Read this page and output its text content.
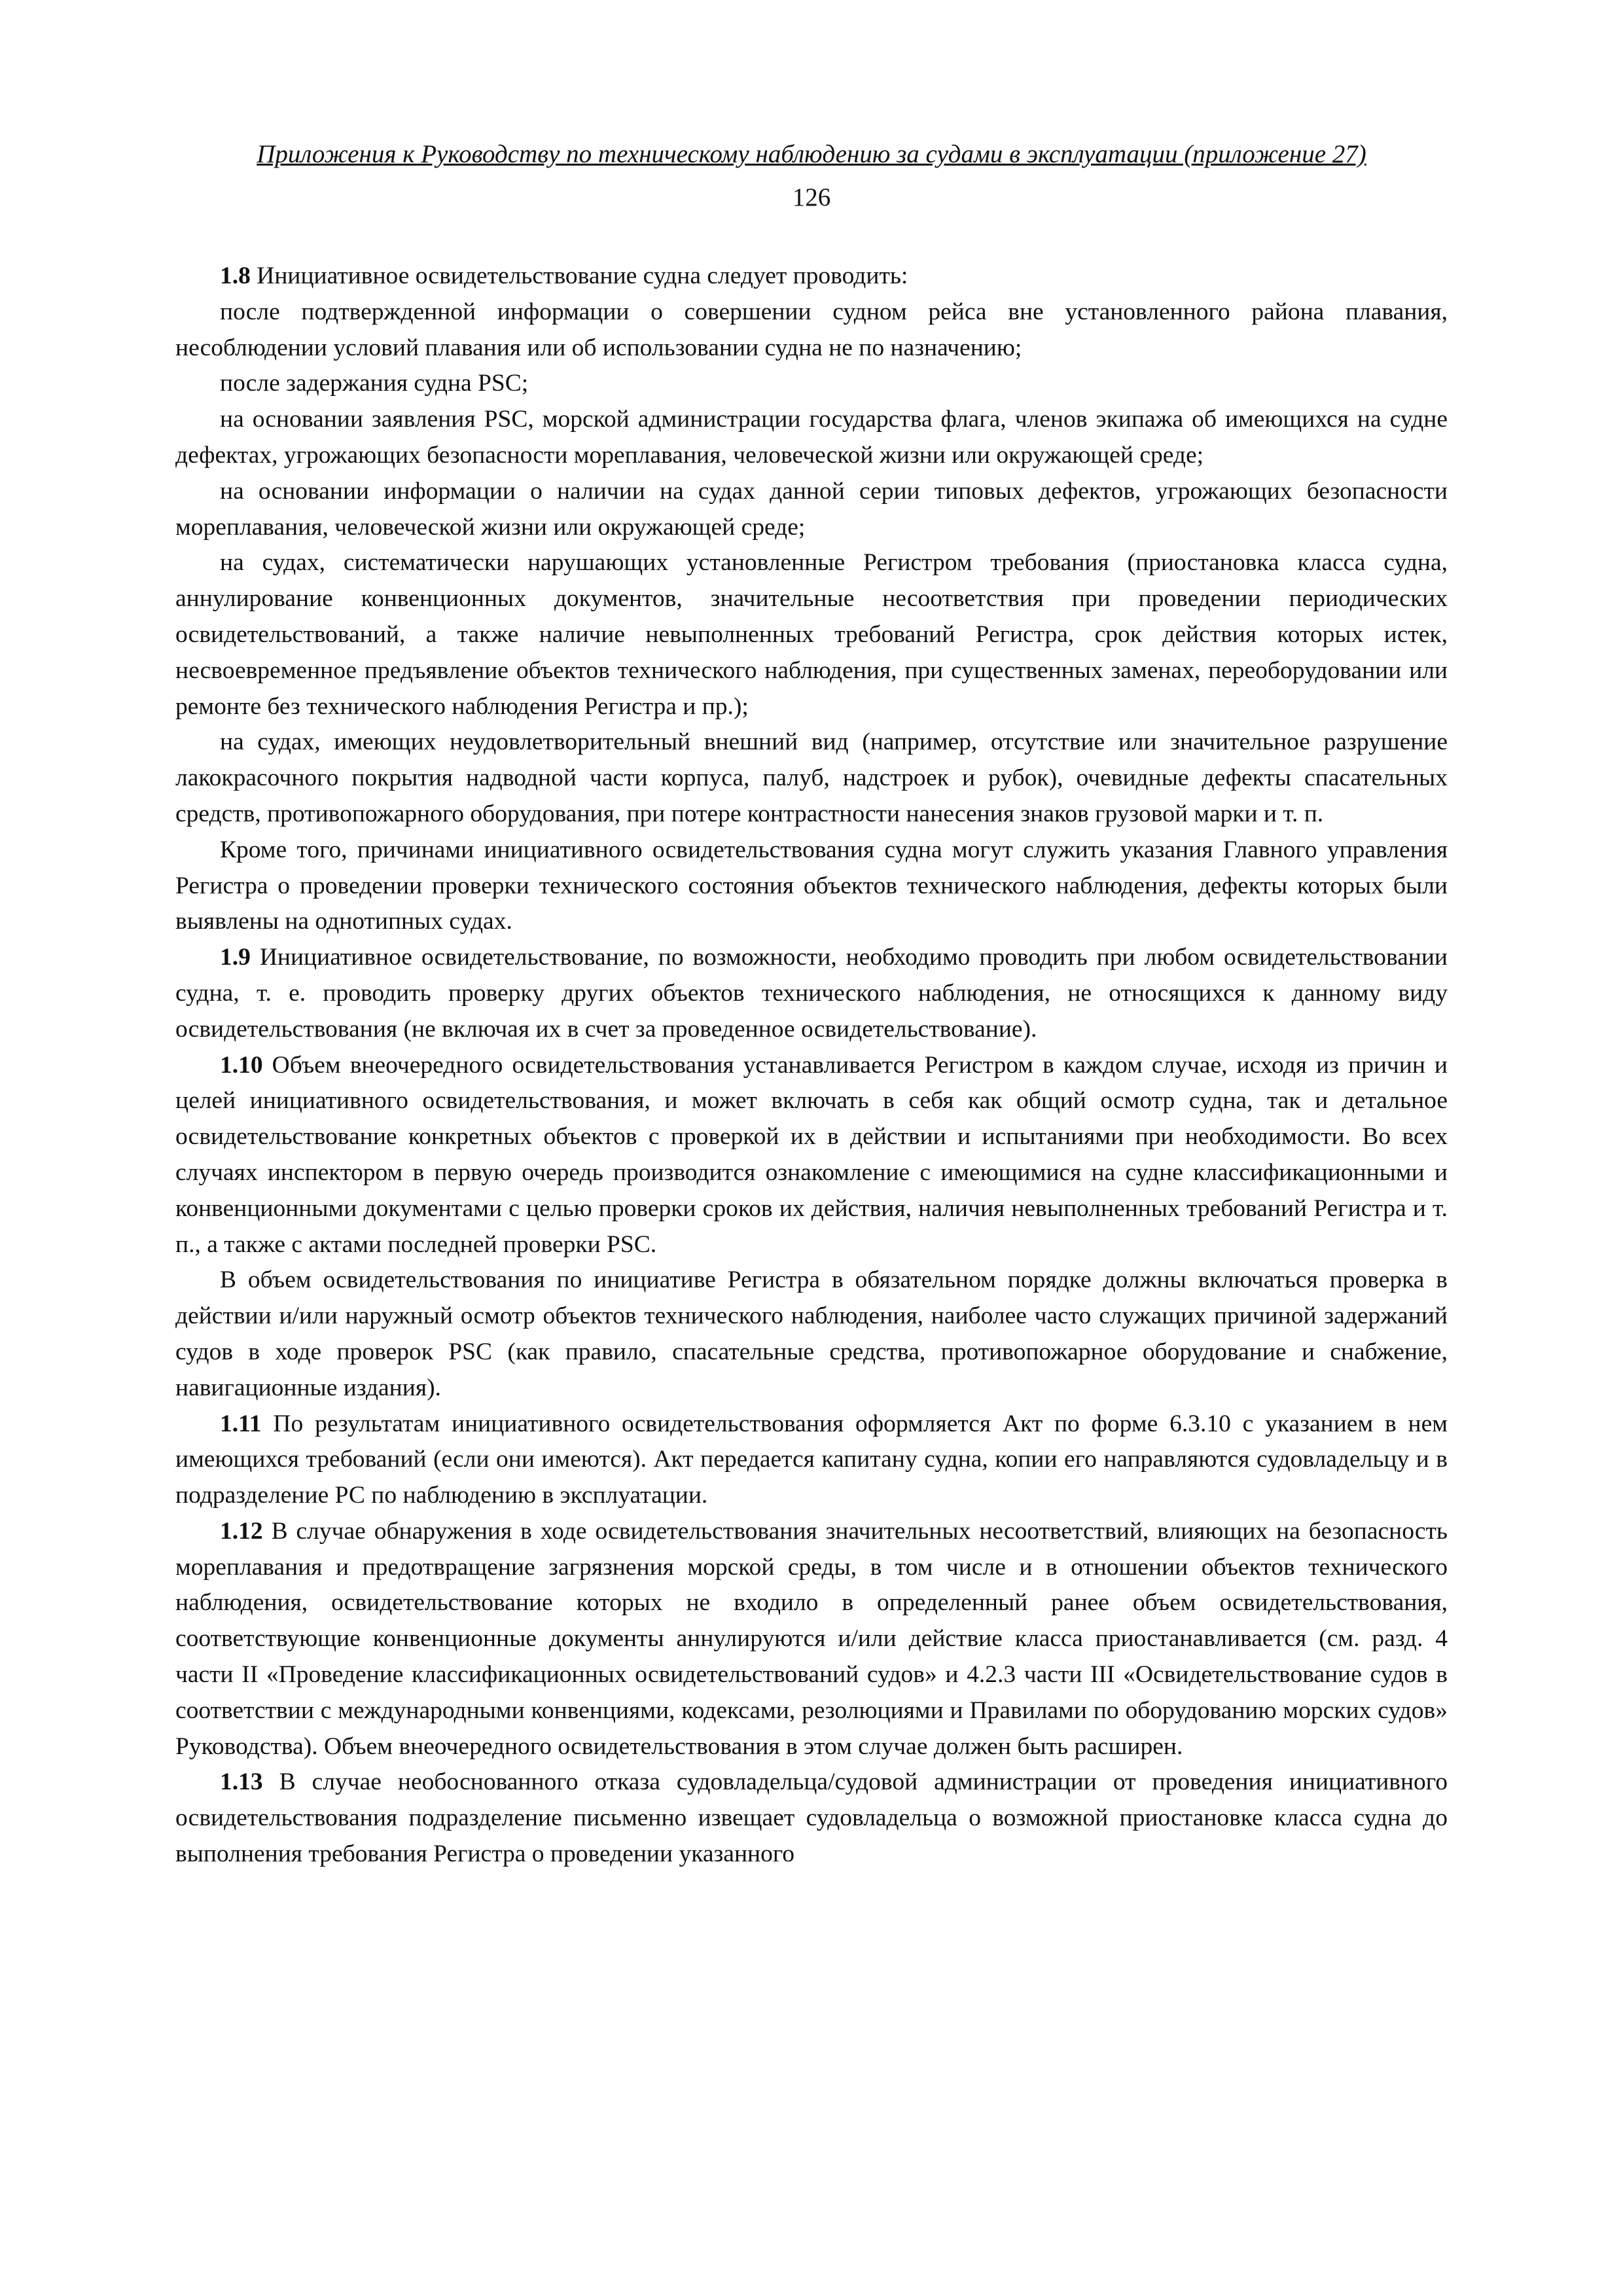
Приложения к Руководству по техническому наблюдению за судами в эксплуатации (приложение 27)
126

1.8 Инициативное освидетельствование судна следует проводить:

после подтвержденной информации о совершении судном рейса вне установленного района плавания, несоблюдении условий плавания или об использовании судна не по назначению;

после задержания судна PSC;

на основании заявления PSC, морской администрации государства флага, членов экипажа об имеющихся на судне дефектах, угрожающих безопасности мореплавания, человеческой жизни или окружающей среде;

на основании информации о наличии на судах данной серии типовых дефектов, угрожающих безопасности мореплавания, человеческой жизни или окружающей среде;

на судах, систематически нарушающих установленные Регистром требования (приостановка класса судна, аннулирование конвенционных документов, значительные несоответствия при проведении периодических освидетельствований, а также наличие невыполненных требований Регистра, срок действия которых истек, несвоевременное предъявление объектов технического наблюдения, при существенных заменах, переоборудовании или ремонте без технического наблюдения Регистра и пр.);

на судах, имеющих неудовлетворительный внешний вид (например, отсутствие или значительное разрушение лакокрасочного покрытия надводной части корпуса, палуб, надстроек и рубок), очевидные дефекты спасательных средств, противопожарного оборудования, при потере контрастности нанесения знаков грузовой марки и т. п.

Кроме того, причинами инициативного освидетельствования судна могут служить указания Главного управления Регистра о проведении проверки технического состояния объектов технического наблюдения, дефекты которых были выявлены на однотипных судах.

1.9 Инициативное освидетельствование, по возможности, необходимо проводить при любом освидетельствовании судна, т. е. проводить проверку других объектов технического наблюдения, не относящихся к данному виду освидетельствования (не включая их в счет за проведенное освидетельствование).

1.10 Объем внеочередного освидетельствования устанавливается Регистром в каждом случае, исходя из причин и целей инициативного освидетельствования, и может включать в себя как общий осмотр судна, так и детальное освидетельствование конкретных объектов с проверкой их в действии и испытаниями при необходимости. Во всех случаях инспектором в первую очередь производится ознакомление с имеющимися на судне классификационными и конвенционными документами с целью проверки сроков их действия, наличия невыполненных требований Регистра и т. п., а также с актами последней проверки PSC.

В объем освидетельствования по инициативе Регистра в обязательном порядке должны включаться проверка в действии и/или наружный осмотр объектов технического наблюдения, наиболее часто служащих причиной задержаний судов в ходе проверок PSC (как правило, спасательные средства, противопожарное оборудование и снабжение, навигационные издания).

1.11 По результатам инициативного освидетельствования оформляется Акт по форме 6.3.10 с указанием в нем имеющихся требований (если они имеются). Акт передается капитану судна, копии его направляются судовладельцу и в подразделение РС по наблюдению в эксплуатации.

1.12 В случае обнаружения в ходе освидетельствования значительных несоответствий, влияющих на безопасность мореплавания и предотвращение загрязнения морской среды, в том числе и в отношении объектов технического наблюдения, освидетельствование которых не входило в определенный ранее объем освидетельствования, соответствующие конвенционные документы аннулируются и/или действие класса приостанавливается (см. разд. 4 части II «Проведение классификационных освидетельствований судов» и 4.2.3 части III «Освидетельствование судов в соответствии с международными конвенциями, кодексами, резолюциями и Правилами по оборудованию морских судов» Руководства). Объем внеочередного освидетельствования в этом случае должен быть расширен.

1.13 В случае необоснованного отказа судовладельца/судовой администрации от проведения инициативного освидетельствования подразделение письменно извещает судовладельца о возможной приостановке класса судна до выполнения требования Регистра о проведении указанного
